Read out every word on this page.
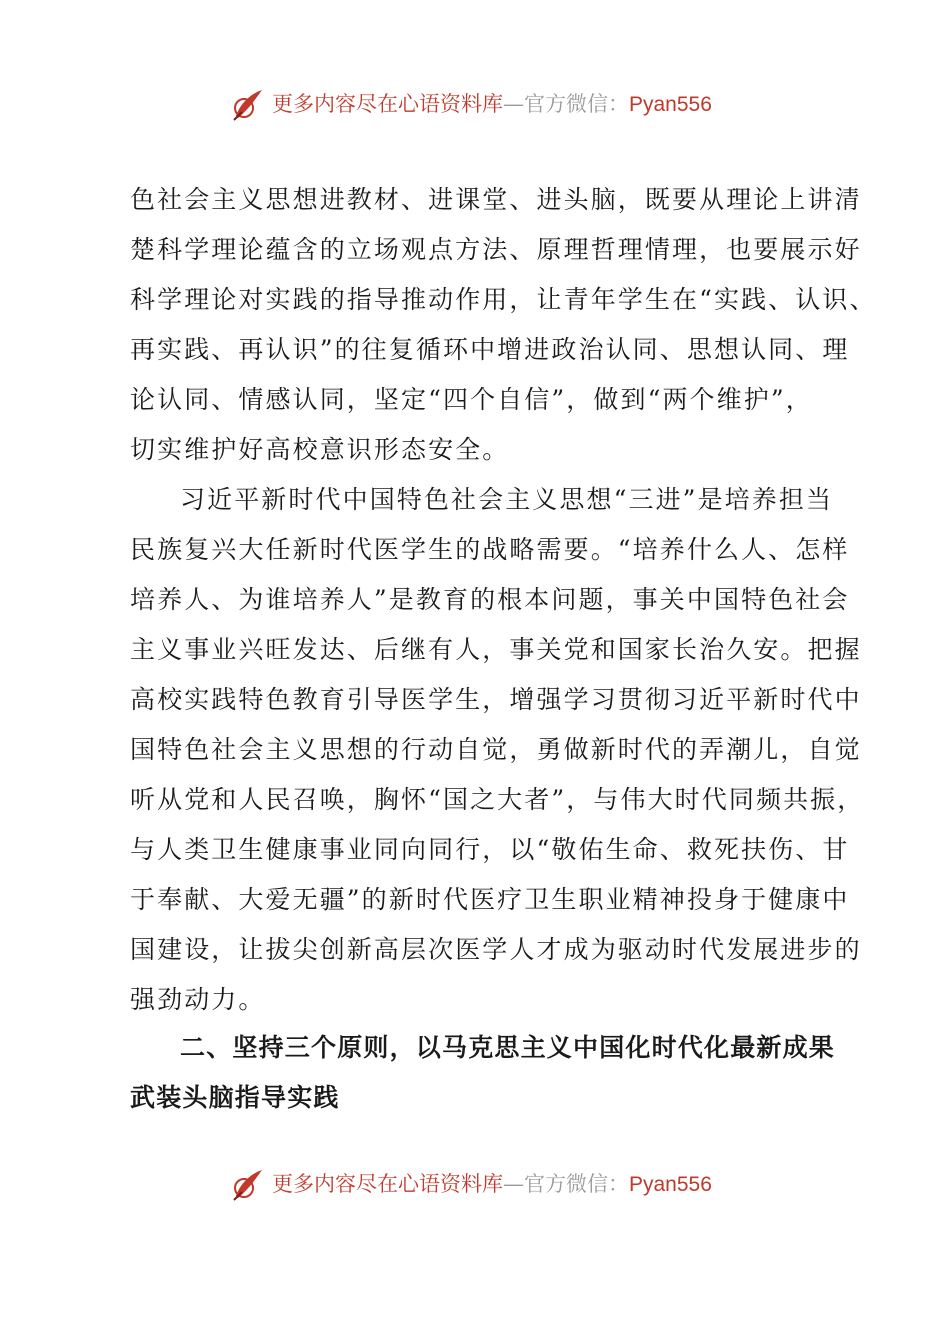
更多内容尽在心语资料库—官方微信：Pyan556
色社会主义思想进教材、进课堂、进头脑，既要从理论上讲清
楚科学理论蕴含的立场观点方法、原理哲理情理，也要展示好
科学理论对实践的指导推动作用，让青年学生在“实践、认识、
再实践、再认识”的往复循环中增进政治认同、思想认同、理
论认同、情感认同，坚定“四个自信”，做到“两个维护”，
切实维护好高校意识形态安全。
习近平新时代中国特色社会主义思想“三进”是培养担当
民族复兴大任新时代医学生的战略需要。“培养什么人、怎样
培养人、为谁培养人”是教育的根本问题，事关中国特色社会
主义事业兴旺发达、后继有人，事关党和国家长治久安。把握
高校实践特色教育引导医学生，增强学习贯彻习近平新时代中
国特色社会主义思想的行动自觉，勇做新时代的弄潮儿，自觉
听从党和人民召唤，胸怀“国之大者”，与伟大时代同频共振，
与人类卫生健康事业同向同行，以“敬佑生命、救死扶伤、甘
于奉献、大爱无疆”的新时代医疗卫生职业精神投身于健康中
国建设，让拔尖创新高层次医学人才成为驱动时代发展进步的
强劲动力。
二、坚持三个原则，以马克思主义中国化时代化最新成果
武装头脑指导实践
更多内容尽在心语资料库—官方微信：Pyan556
